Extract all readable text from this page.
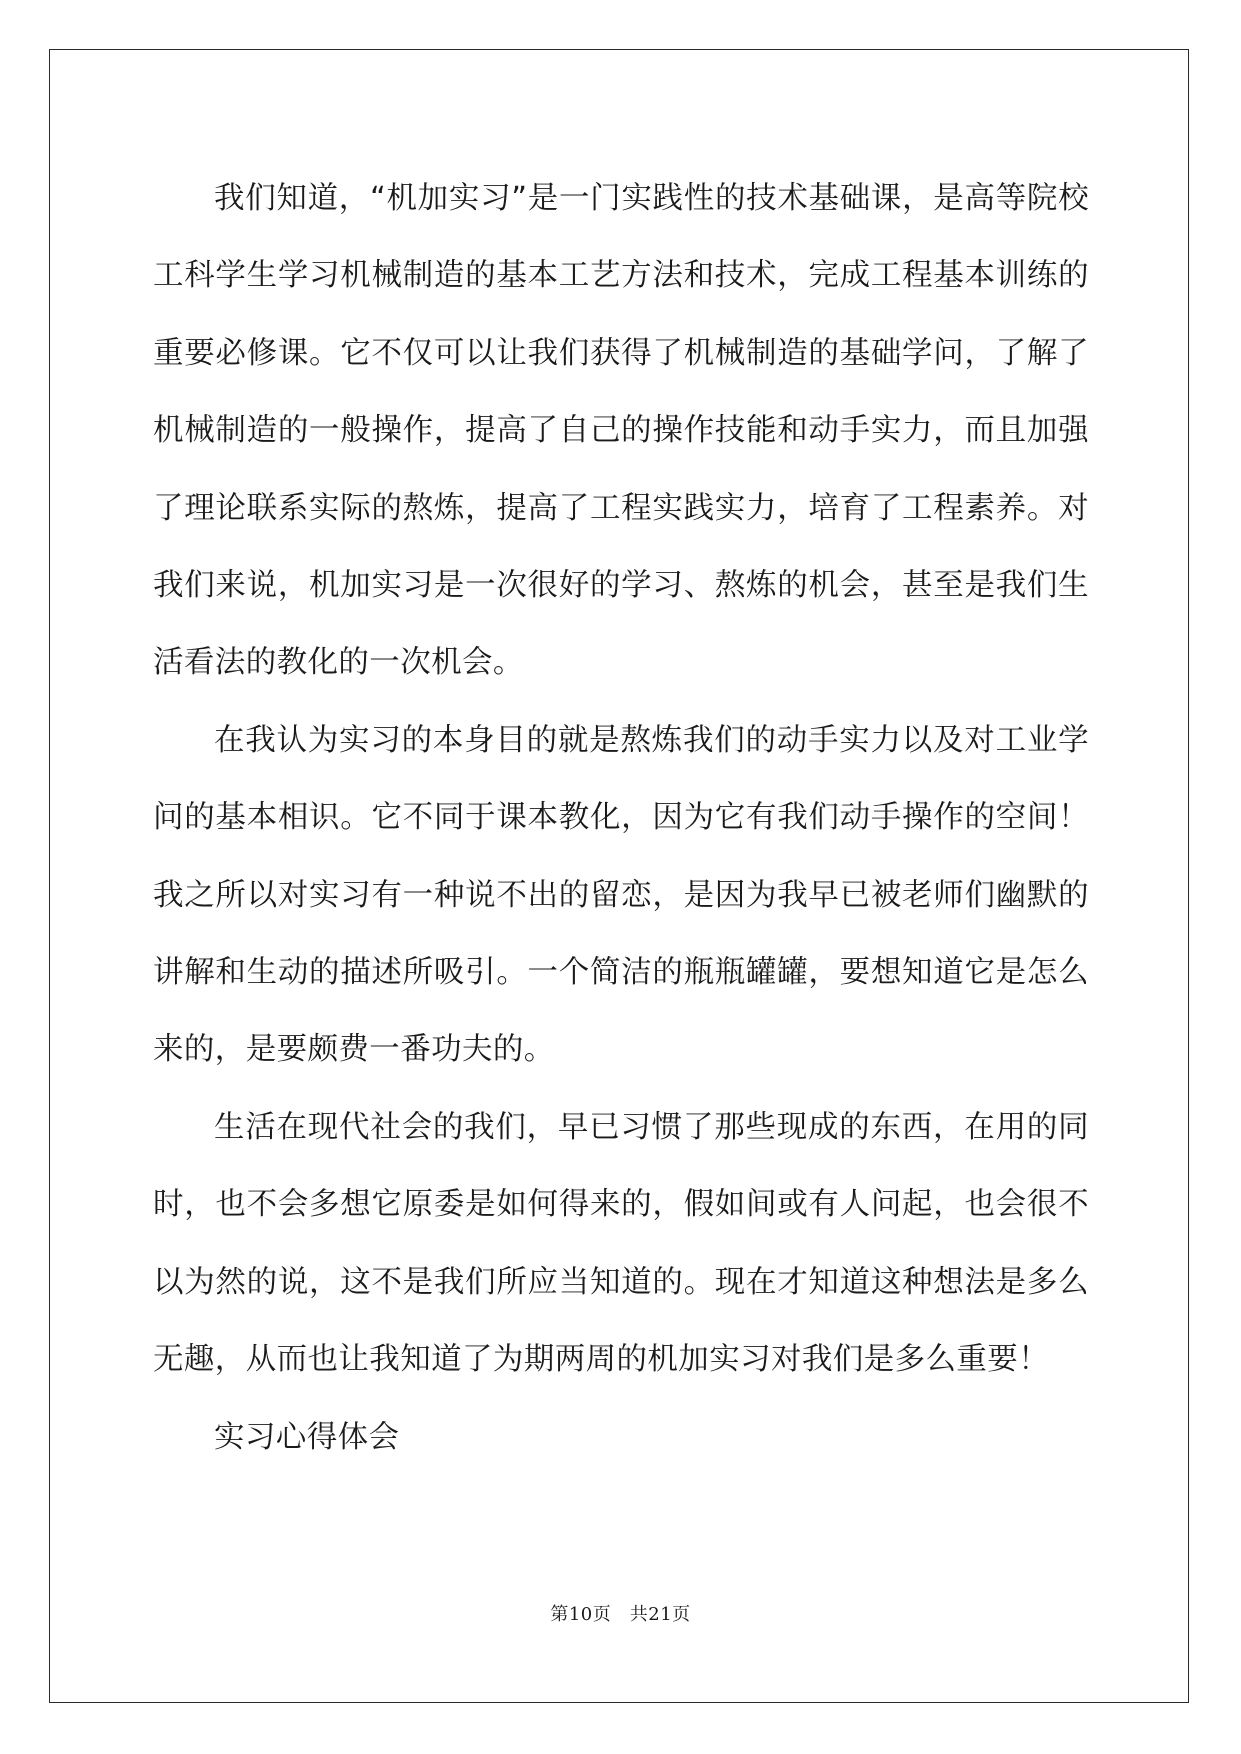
我们知道，“机加实习”是一门实践性的技术基础课，是高等院校工科学生学习机械制造的基本工艺方法和技术，完成工程基本训练的重要必修课。它不仅可以让我们获得了机械制造的基础学问，了解了机械制造的一般操作，提高了自己的操作技能和动手实力，而且加强了理论联系实际的熬炼，提高了工程实践实力，培育了工程素养。对我们来说，机加实习是一次很好的学习、熬炼的机会，甚至是我们生活看法的教化的一次机会。

在我认为实习的本身目的就是熬炼我们的动手实力以及对工业学问的基本相识。它不同于课本教化，因为它有我们动手操作的空间！我之所以对实习有一种说不出的留恋，是因为我早已被老师们幽默的讲解和生动的描述所吸引。一个简洁的瓶瓶罐罐，要想知道它是怎么来的，是要颇费一番功夫的。

生活在现代社会的我们，早已习惯了那些现成的东西，在用的同时，也不会多想它原委是如何得来的，假如间或有人问起，也会很不以为然的说，这不是我们所应当知道的。现在才知道这种想法是多么无趣，从而也让我知道了为期两周的机加实习对我们是多么重要！

实习心得体会

第10页　共21页
